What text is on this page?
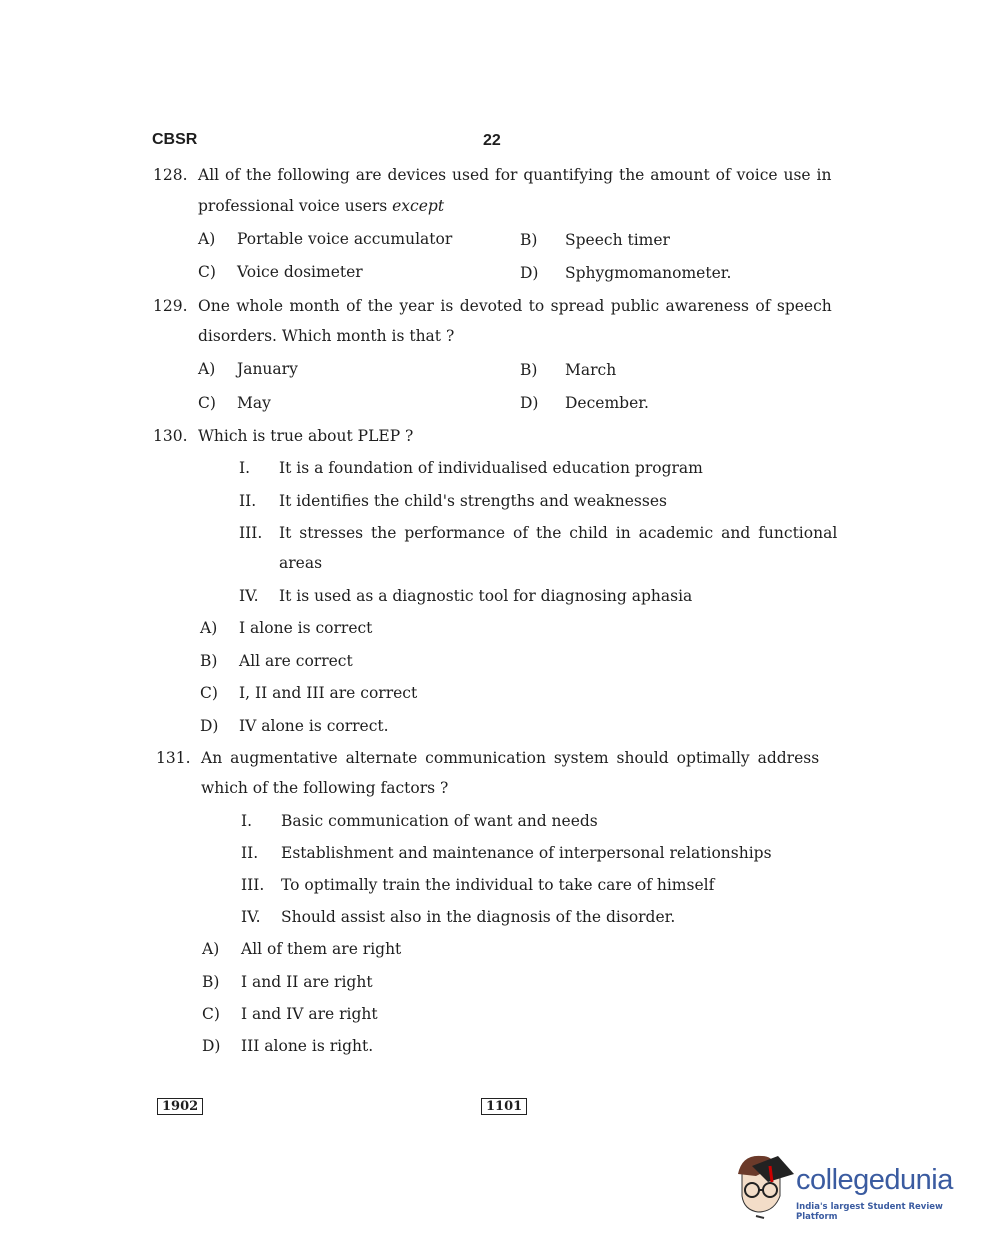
CBSR	22
128. All of the following are devices used for quantifying the amount of voice use in
professional voice users except
A) Portable voice accumulator	B) Speech timer
C) Voice dosimeter	D) Sphygmomanometer.
129. One whole month of the year is devoted to spread public awareness of speech
disorders. Which month is that ?
A) January	B) March
C) May	D) December.
130. Which is true about PLEP ?
I. It is a foundation of individualised education program
II. It identifies the child's strengths and weaknesses
III. It stresses the performance of the child in academic and functional
areas
IV. It is used as a diagnostic tool for diagnosing aphasia
A) I alone is correct
B) All are correct
C) I, II and III are correct
D) IV alone is correct.
131. An augmentative alternate communication system should optimally address
which of the following factors ?
I. Basic communication of want and needs
II. Establishment and maintenance of interpersonal relationships
III. To optimally train the individual to take care of himself
IV. Should assist also in the diagnosis of the disorder.
A) All of them are right
B) I and II are right
C) I and IV are right
D) III alone is right.
1902	1101
collegedunia
India's largest Student Review Platform
